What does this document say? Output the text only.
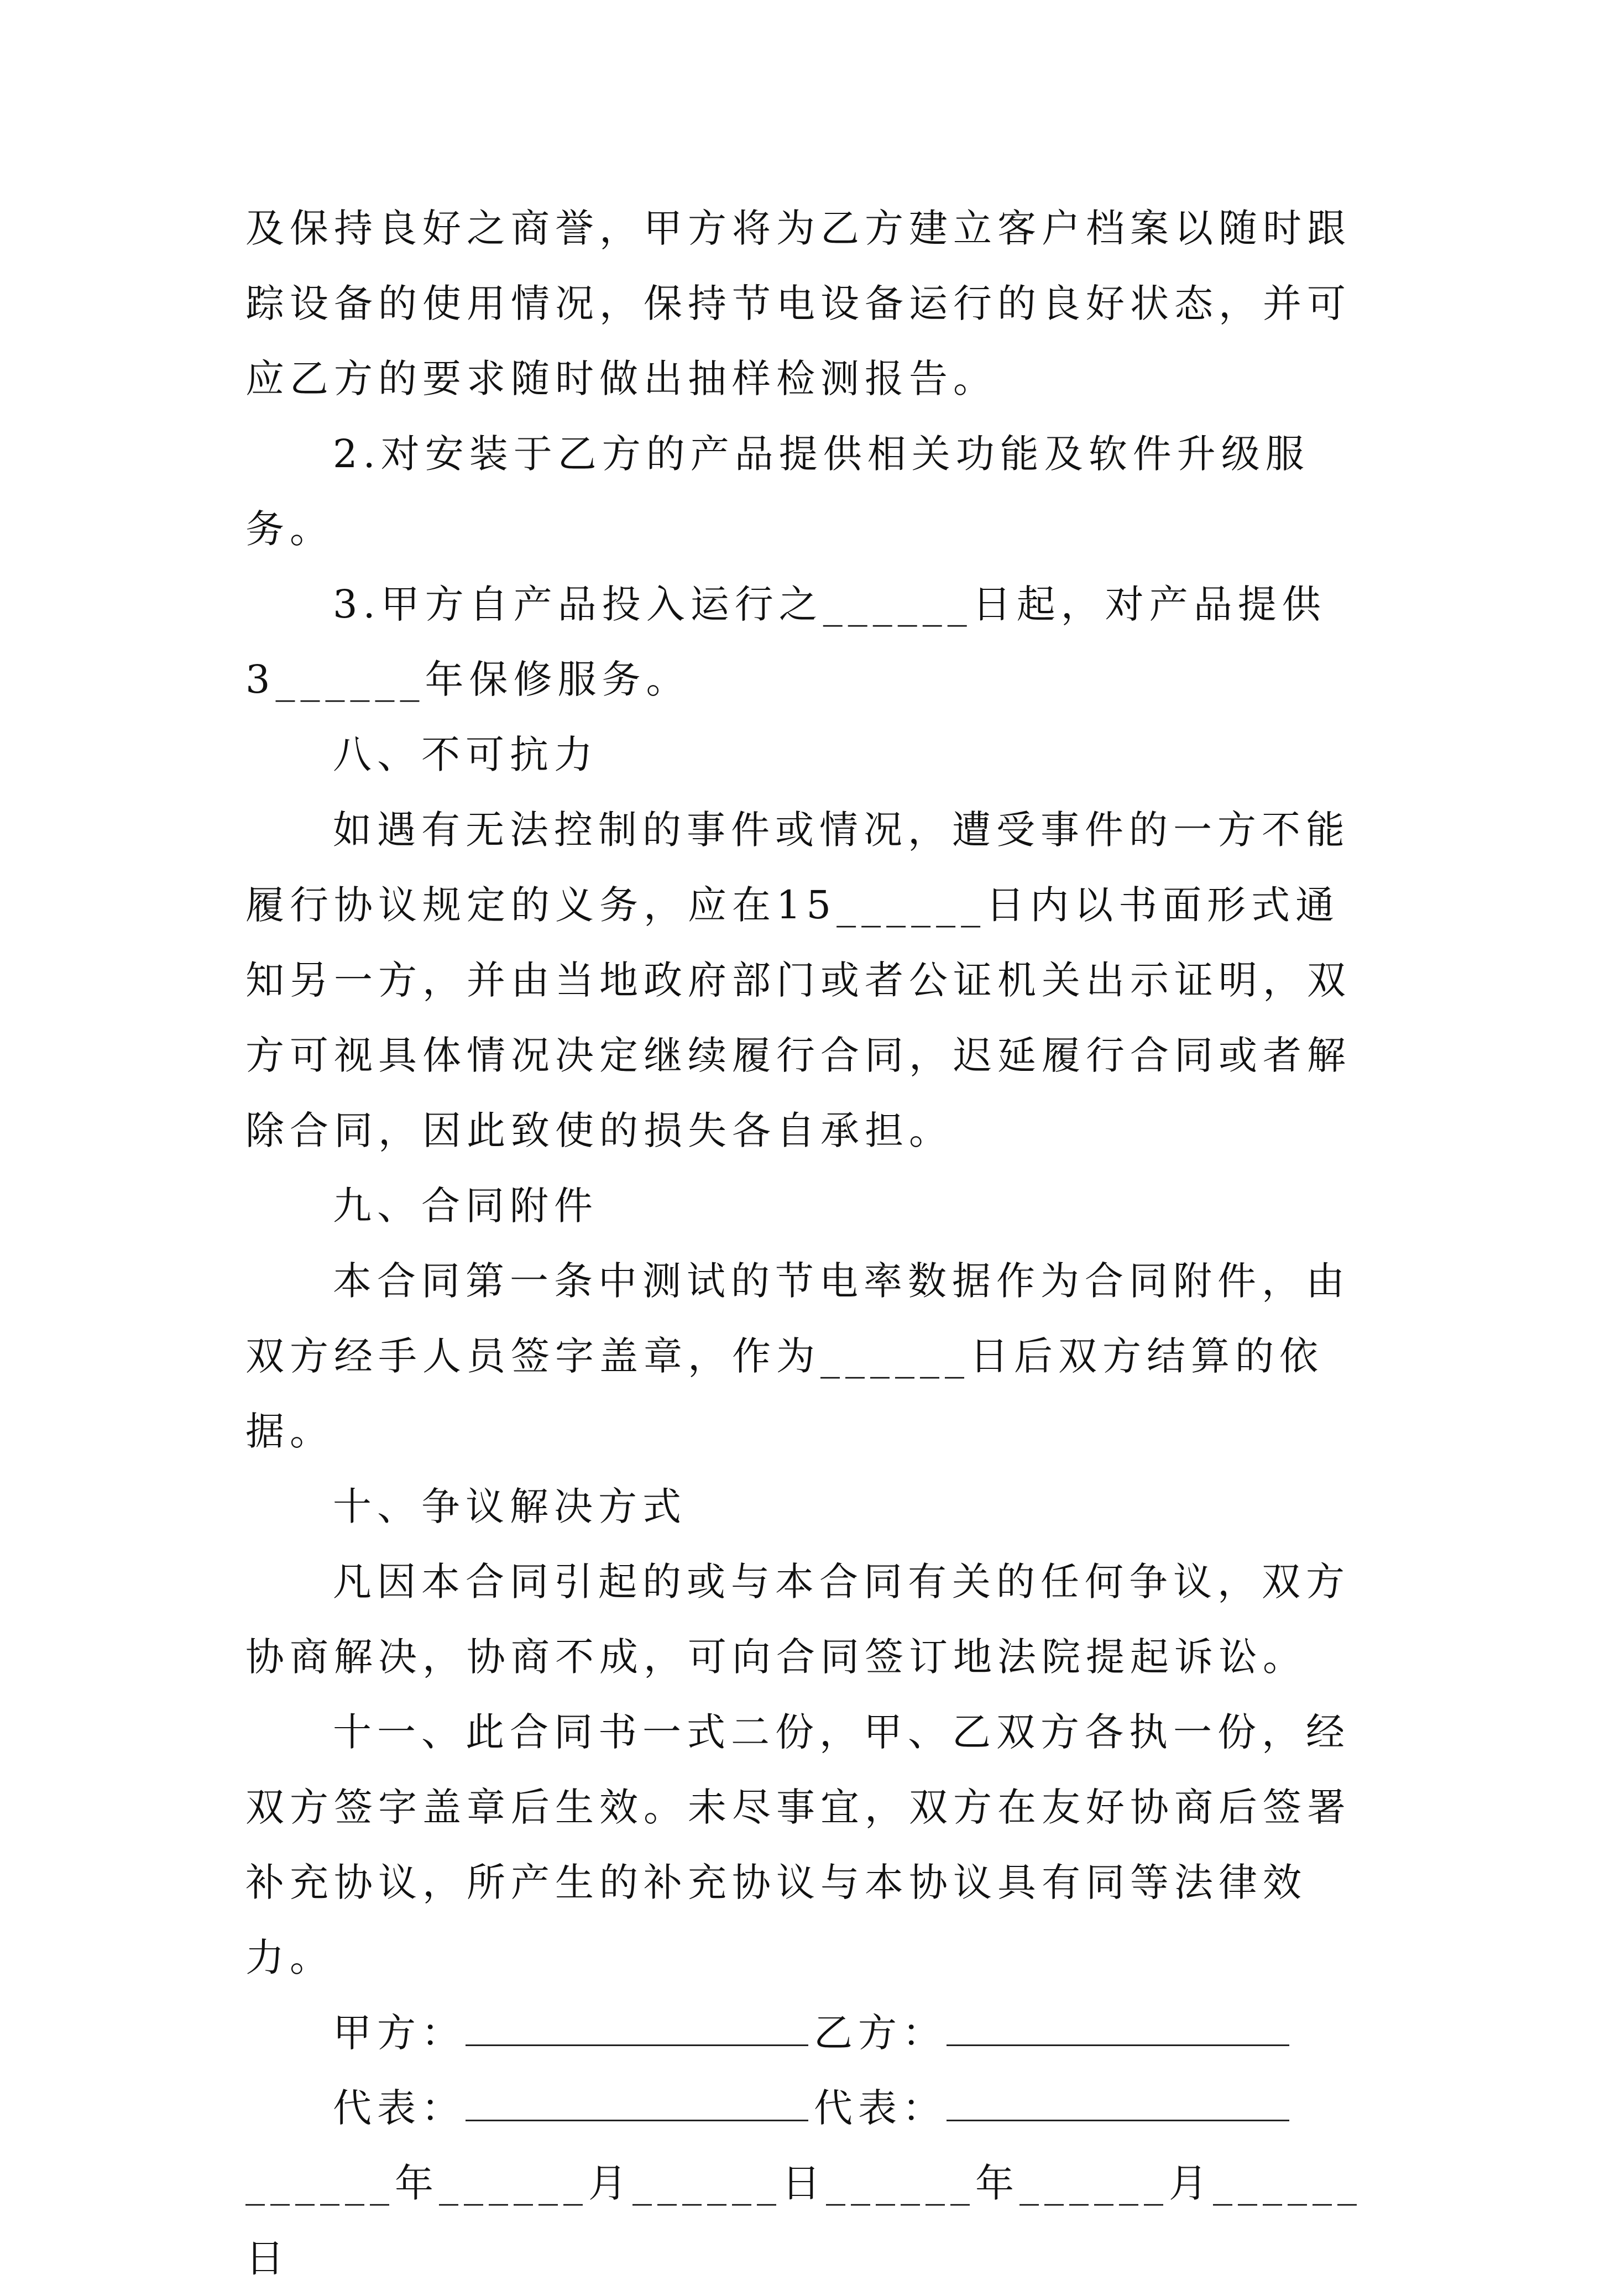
及保持良好之商誉，甲方将为乙方建立客户档案以随时跟踪设备的使用情况，保持节电设备运行的良好状态，并可应乙方的要求随时做出抽样检测报告。

2.对安装于乙方的产品提供相关功能及软件升级服务。

3.甲方自产品投入运行之______日起，对产品提供3______年保修服务。

八、不可抗力

如遇有无法控制的事件或情况，遭受事件的一方不能履行协议规定的义务，应在15______日内以书面形式通知另一方，并由当地政府部门或者公证机关出示证明，双方可视具体情况决定继续履行合同，迟延履行合同或者解除合同，因此致使的损失各自承担。

九、合同附件

本合同第一条中测试的节电率数据作为合同附件，由双方经手人员签字盖章，作为______日后双方结算的依据。

十、争议解决方式

凡因本合同引起的或与本合同有关的任何争议，双方协商解决，协商不成，可向合同签订地法院提起诉讼。

十一、此合同书一式二份，甲、乙双方各执一份，经双方签字盖章后生效。未尽事宜，双方在友好协商后签署补充协议，所产生的补充协议与本协议具有同等法律效力。

甲方：	乙方：
代表：	代表：

______年______月______日______年______月______日
